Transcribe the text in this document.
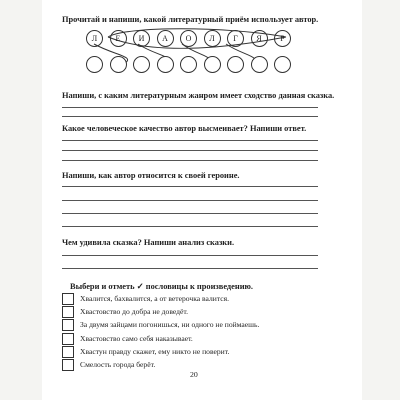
Прочитай и напиши, какой литературный приём использует автор.
Л	Е	И	А	О	Л	Г	Я	Р
Напиши, с каким литературным жанром имеет сходство данная сказка.
Какое человеческое качество автор высмеивает? Напиши ответ.
Напиши, как автор относится к своей героине.
Чем удивила сказка? Напиши анализ сказки.
Выбери и отметь ✓ пословицы к произведению.
Хвалится, бахвалится, а от ветерочка валится.
Хвастовство до добра не доведёт.
За двумя зайцами погонишься, ни одного не поймаешь.
Хвастовство само себя наказывает.
Хвастун правду скажет, ему никто не поверит.
Смелость города берёт.
20
